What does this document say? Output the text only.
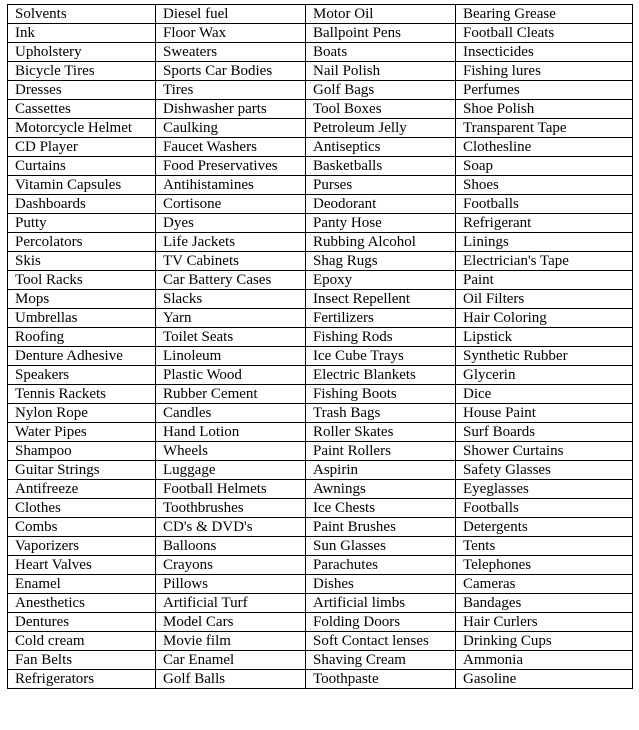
Solvents	Diesel fuel	Motor Oil	Bearing Grease
Ink	Floor Wax	Ballpoint Pens	Football Cleats
Upholstery	Sweaters	Boats	Insecticides
Bicycle Tires	Sports Car Bodies	Nail Polish	Fishing lures
Dresses	Tires	Golf Bags	Perfumes
Cassettes	Dishwasher parts	Tool Boxes	Shoe Polish
Motorcycle Helmet	Caulking	Petroleum Jelly	Transparent Tape
CD Player	Faucet Washers	Antiseptics	Clothesline
Curtains	Food Preservatives	Basketballs	Soap
Vitamin Capsules	Antihistamines	Purses	Shoes
Dashboards	Cortisone	Deodorant	Footballs
Putty	Dyes	Panty Hose	Refrigerant
Percolators	Life Jackets	Rubbing Alcohol	Linings
Skis	TV Cabinets	Shag Rugs	Electrician's Tape
Tool Racks	Car Battery Cases	Epoxy	Paint
Mops	Slacks	Insect Repellent	Oil Filters
Umbrellas	Yarn	Fertilizers	Hair Coloring
Roofing	Toilet Seats	Fishing Rods	Lipstick
Denture Adhesive	Linoleum	Ice Cube Trays	Synthetic Rubber
Speakers	Plastic Wood	Electric Blankets	Glycerin
Tennis Rackets	Rubber Cement	Fishing Boots	Dice
Nylon Rope	Candles	Trash Bags	House Paint
Water Pipes	Hand Lotion	Roller Skates	Surf Boards
Shampoo	Wheels	Paint Rollers	Shower Curtains
Guitar Strings	Luggage	Aspirin	Safety Glasses
Antifreeze	Football Helmets	Awnings	Eyeglasses
Clothes	Toothbrushes	Ice Chests	Footballs
Combs	CD's & DVD's	Paint Brushes	Detergents
Vaporizers	Balloons	Sun Glasses	Tents
Heart Valves	Crayons	Parachutes	Telephones
Enamel	Pillows	Dishes	Cameras
Anesthetics	Artificial Turf	Artificial limbs	Bandages
Dentures	Model Cars	Folding Doors	Hair Curlers
Cold cream	Movie film	Soft Contact lenses	Drinking Cups
Fan Belts	Car Enamel	Shaving Cream	Ammonia
Refrigerators	Golf Balls	Toothpaste	Gasoline
